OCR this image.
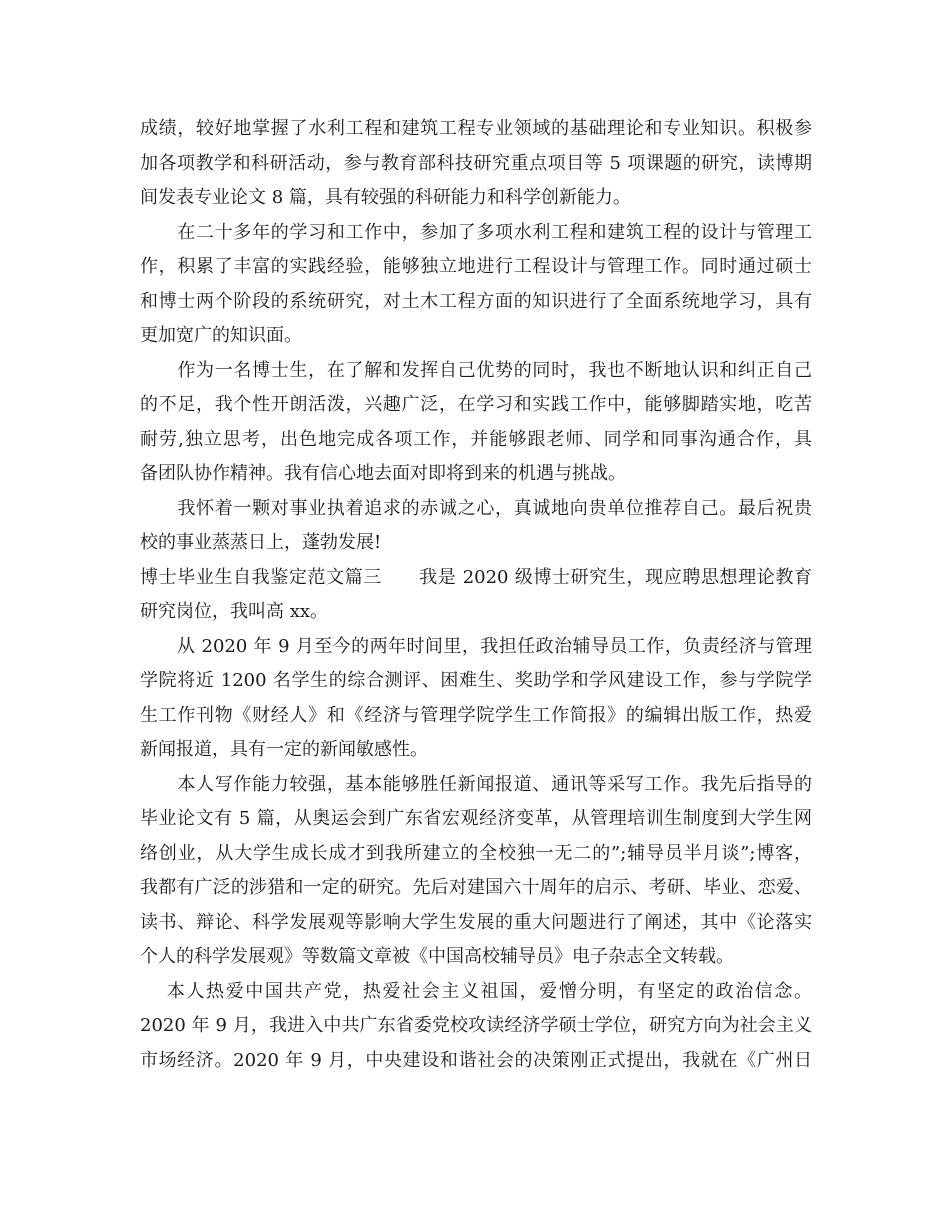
成绩，较好地掌握了水利工程和建筑工程专业领域的基础理论和专业知识。积极参
加各项教学和科研活动，参与教育部科技研究重点项目等 5 项课题的研究，读博期
间发表专业论文 8 篇，具有较强的科研能力和科学创新能力。
　　在二十多年的学习和工作中，参加了多项水利工程和建筑工程的设计与管理工
作，积累了丰富的实践经验，能够独立地进行工程设计与管理工作。同时通过硕士
和博士两个阶段的系统研究，对土木工程方面的知识进行了全面系统地学习，具有
更加宽广的知识面。
　　作为一名博士生，在了解和发挥自己优势的同时，我也不断地认识和纠正自己
的不足，我个性开朗活泼，兴趣广泛，在学习和实践工作中，能够脚踏实地，吃苦
耐劳,独立思考，出色地完成各项工作，并能够跟老师、同学和同事沟通合作，具
备团队协作精神。我有信心地去面对即将到来的机遇与挑战。
　　我怀着一颗对事业执着追求的赤诚之心，真诚地向贵单位推荐自己。最后祝贵
校的事业蒸蒸日上，蓬勃发展!
博士毕业生自我鉴定范文篇三　　我是 2020 级博士研究生，现应聘思想理论教育
研究岗位，我叫高 xx。
　　从 2020 年 9 月至今的两年时间里，我担任政治辅导员工作，负责经济与管理
学院将近 1200 名学生的综合测评、困难生、奖助学和学风建设工作，参与学院学
生工作刊物《财经人》和《经济与管理学院学生工作简报》的编辑出版工作，热爱
新闻报道，具有一定的新闻敏感性。
　　本人写作能力较强，基本能够胜任新闻报道、通讯等采写工作。我先后指导的
毕业论文有 5 篇，从奥运会到广东省宏观经济变革，从管理培训生制度到大学生网
络创业，从大学生成长成才到我所建立的全校独一无二的”;辅导员半月谈”;博客，
我都有广泛的涉猎和一定的研究。先后对建国六十周年的启示、考研、毕业、恋爱、
读书、辩论、科学发展观等影响大学生发展的重大问题进行了阐述，其中《论落实
个人的科学发展观》等数篇文章被《中国高校辅导员》电子杂志全文转载。
　 本人热爱中国共产党，热爱社会主义祖国，爱憎分明，有坚定的政治信念。
2020 年 9 月，我进入中共广东省委党校攻读经济学硕士学位，研究方向为社会主义
市场经济。2020 年 9 月，中央建设和谐社会的决策刚正式提出，我就在《广州日
